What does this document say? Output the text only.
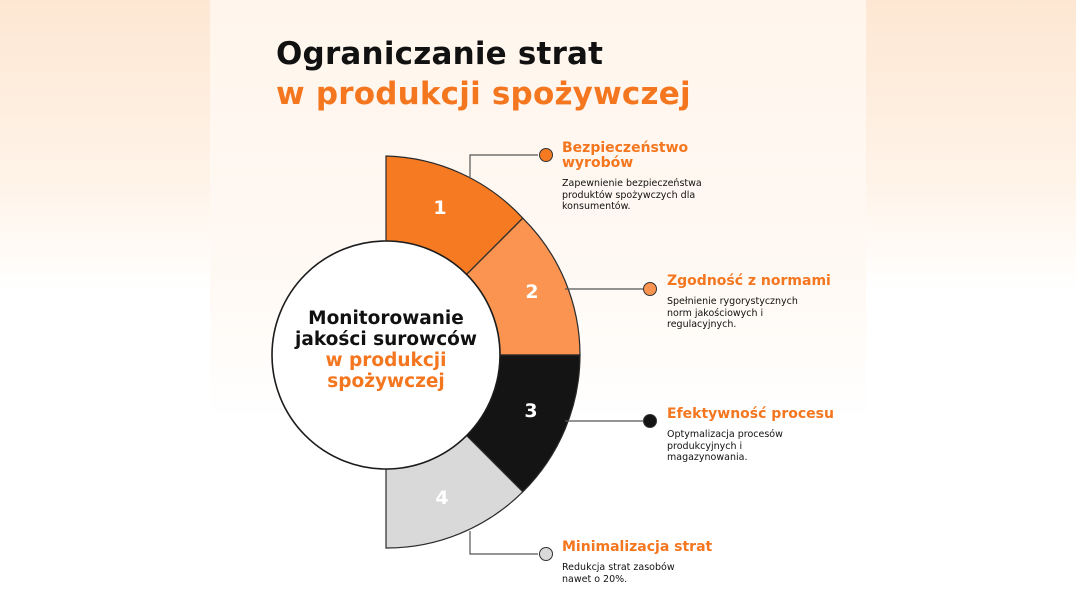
Ograniczanie strat
w produkcji spożywczej
1
2
3
4
Monitorowanie
jakości surowców
w produkcji
spożywczej
Bezpieczeństwo wyrobów
Zapewnienie bezpieczeństwa produktów spożywczych dla konsumentów.
Zgodność z normami
Spełnienie rygorystycznych norm jakościowych i regulacyjnych.
Efektywność procesu
Optymalizacja procesów produkcyjnych i magazynowania.
Minimalizacja strat
Redukcja strat zasobów nawet o 20%.
